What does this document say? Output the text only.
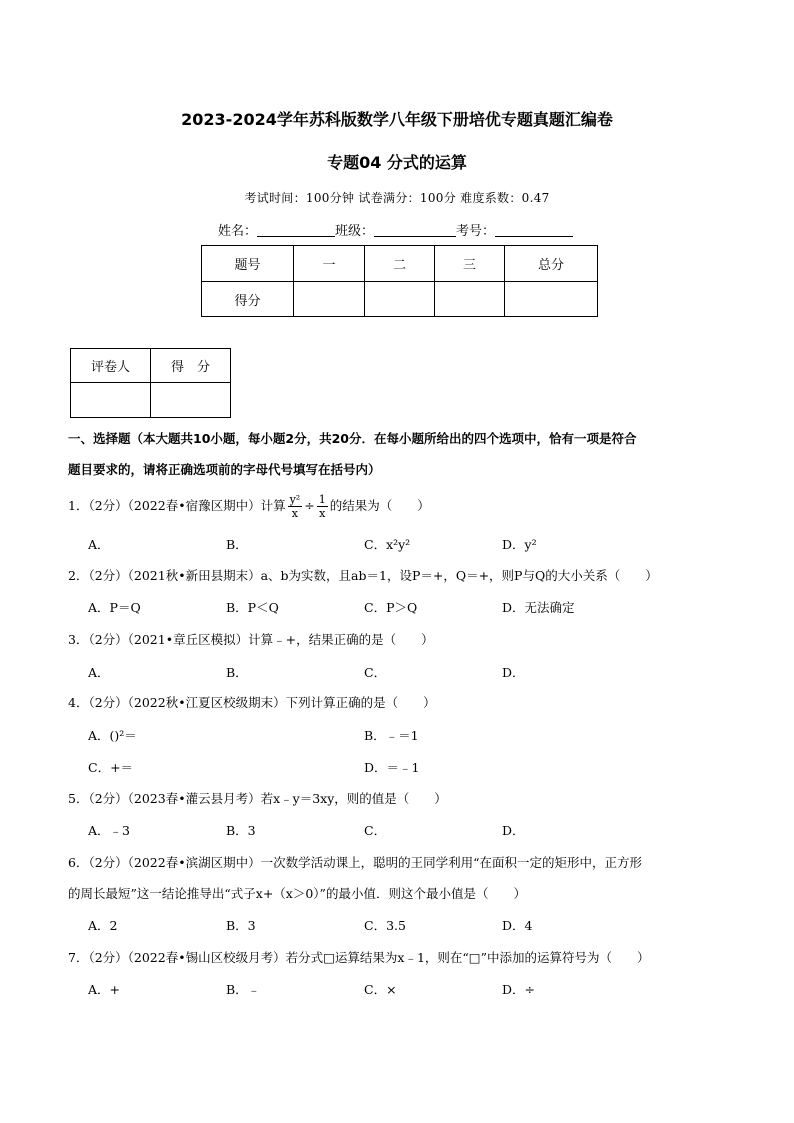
2023-2024学年苏科版数学八年级下册培优专题真题汇编卷
专题04 分式的运算
考试时间：100分钟 试卷满分：100分 难度系数：0.47
姓名：	班级：	考号：
题号	一	二	三	总分
得分				
评卷人	得　分

一、选择题（本大题共10小题，每小题2分，共20分．在每小题所给出的四个选项中，恰有一项是符合
题目要求的，请将正确选项前的字母代号填写在括号内）
1．（2分）（2022春•宿豫区期中）计算 $\frac{\text{y²}}{x} \div \frac{1}{x}$ 的结果为（　　）
A．	B．	C．x²y²	D．y²
2．（2分）（2021秋•新田县期末）a、b为实数，且ab＝1，设P＝+，Q＝+，则P与Q的大小关系（　　）
A．P＝Q	B．P＜Q	C．P＞Q	D．无法确定
3．（2分）（2021•章丘区模拟）计算﹣+，结果正确的是（　　）
A．	B．	C．	D．
4．（2分）（2022秋•江夏区校级期末）下列计算正确的是（　　）
A．()²＝	B．﹣＝1
C．+＝	D．＝﹣1
5．（2分）（2023春•灌云县月考）若x﹣y＝3xy，则的值是（　　）
A．﹣3	B．3	C．	D．
6．（2分）（2022春•滨湖区期中）一次数学活动课上，聪明的王同学利用“在面积一定的矩形中，正方形
的周长最短”这一结论推导出“式子x+（x＞0）”的最小值．则这个最小值是（　　）
A．2	B．3	C．3.5	D．4
7．（2分）（2022春•锡山区校级月考）若分式□运算结果为x﹣1，则在“□”中添加的运算符号为（　　）
A．+	B．﹣	C．×	D．÷
